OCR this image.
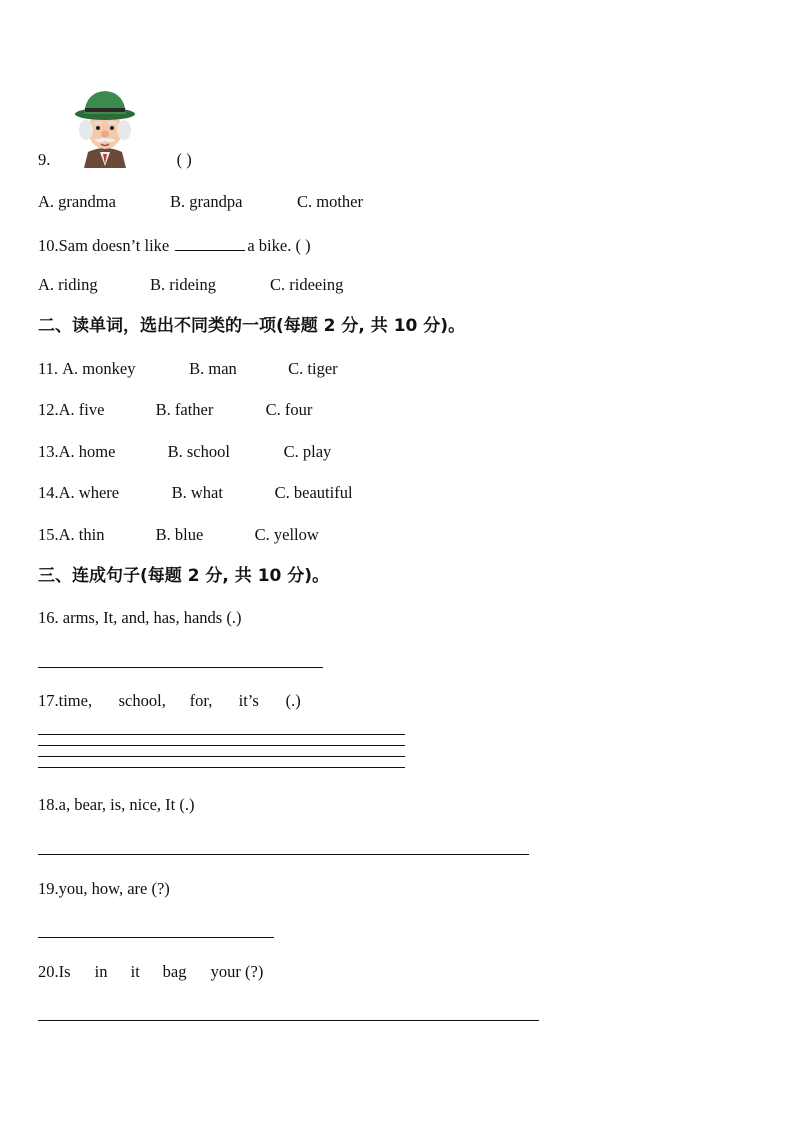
9.	( )
A. grandma	B. grandpa	C. mother
10.Sam doesn’t like	a bike. ( )
A. riding	B. rideing	C. rideeing
二、读单词，选出不同类的一项(每题 2 分, 共 10 分)。
11. A. monkey	B. man	C. tiger
12.A. five	B. father	C. four
13.A. home	B. school	C. play
14.A. where	B. what	C. beautiful
15.A. thin	B. blue	C. yellow
三、连成句子(每题 2 分, 共 10 分)。
16. arms, It, and, has, hands (.)
17.time, school, for, it’s (.)
18.a, bear, is, nice, It (.)
19.you, how, are (?)
20.Is in it bag your (?)
